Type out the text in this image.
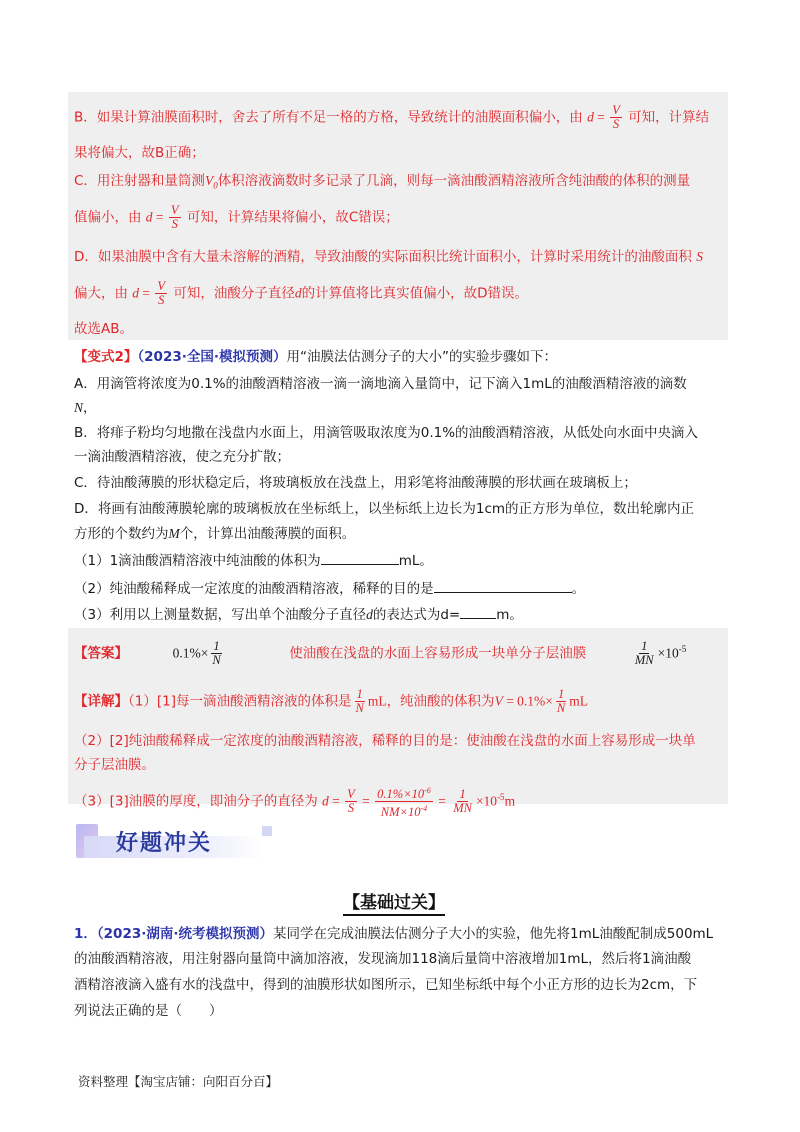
B．如果计算油膜面积时，舍去了所有不足一格的方格，导致统计的油膜面积偏小，由 $d = \frac{V}{S}$ 可知，计算结
果将偏大，故B正确；
C．用注射器和量筒测$V_0$体积溶液滴数时多记录了几滴，则每一滴油酸酒精溶液所含纯油酸的体积的测量
值偏小，由 $d = \frac{V}{S}$ 可知，计算结果将偏小，故C错误；
D．如果油膜中含有大量未溶解的酒精，导致油酸的实际面积比统计面积小，计算时采用统计的油酸面积 S
偏大，由 $d = \frac{V}{S}$ 可知，油酸分子直径d的计算值将比真实值偏小，故D错误。
故选AB。
【变式2】（2023·全国·模拟预测）用“油膜法估测分子的大小”的实验步骤如下：
A．用滴管将浓度为0.1%的油酸酒精溶液一滴一滴地滴入量筒中，记下滴入1mL的油酸酒精溶液的滴数
N，
B．将痱子粉均匀地撒在浅盘内水面上，用滴管吸取浓度为0.1%的油酸酒精溶液，从低处向水面中央滴入
一滴油酸酒精溶液，使之充分扩散；
C．待油酸薄膜的形状稳定后，将玻璃板放在浅盘上，用彩笔将油酸薄膜的形状画在玻璃板上；
D．将画有油酸薄膜轮廓的玻璃板放在坐标纸上，以坐标纸上边长为1cm的正方形为单位，数出轮廓内正
方形的个数约为M个，计算出油酸薄膜的面积。
（1）1滴油酸酒精溶液中纯油酸的体积为	mL。
（2）纯油酸稀释成一定浓度的油酸酒精溶液，稀释的目的是	。
（3）利用以上测量数据，写出单个油酸分子直径d的表达式为d=	m。
【答案】	$0.1\%\times \frac{1}{N}$	使油酸在浅盘的水面上容易形成一块单分子层油膜	$\frac{1}{MN} \times 10^{-5}$
【详解】（1）[1]每一滴油酸酒精溶液的体积是 $\frac{1}{N}$ mL，纯油酸的体积为$V = 0.1\%\times \frac{1}{N}$ mL
（2）[2]纯油酸稀释成一定浓度的油酸酒精溶液，稀释的目的是：使油酸在浅盘的水面上容易形成一块单
分子层油膜。
（3）[3]油膜的厚度，即油分子的直径为 $d = \frac{V}{S} = \frac{0.1\%\times 10^{-6}}{NM\times 10^{-4}} = \frac{1}{MN} \times 10^{-5}m$
好题冲关
【基础过关】
1．（2023·湖南·统考模拟预测）某同学在完成油膜法估测分子大小的实验，他先将1mL油酸配制成500mL
的油酸酒精溶液，用注射器向量筒中滴加溶液，发现滴加118滴后量筒中溶液增加1mL，然后将1滴油酸
酒精溶液滴入盛有水的浅盘中，得到的油膜形状如图所示，已知坐标纸中每个小正方形的边长为2cm，下
列说法正确的是（　　）
资料整理【淘宝店铺：向阳百分百】
